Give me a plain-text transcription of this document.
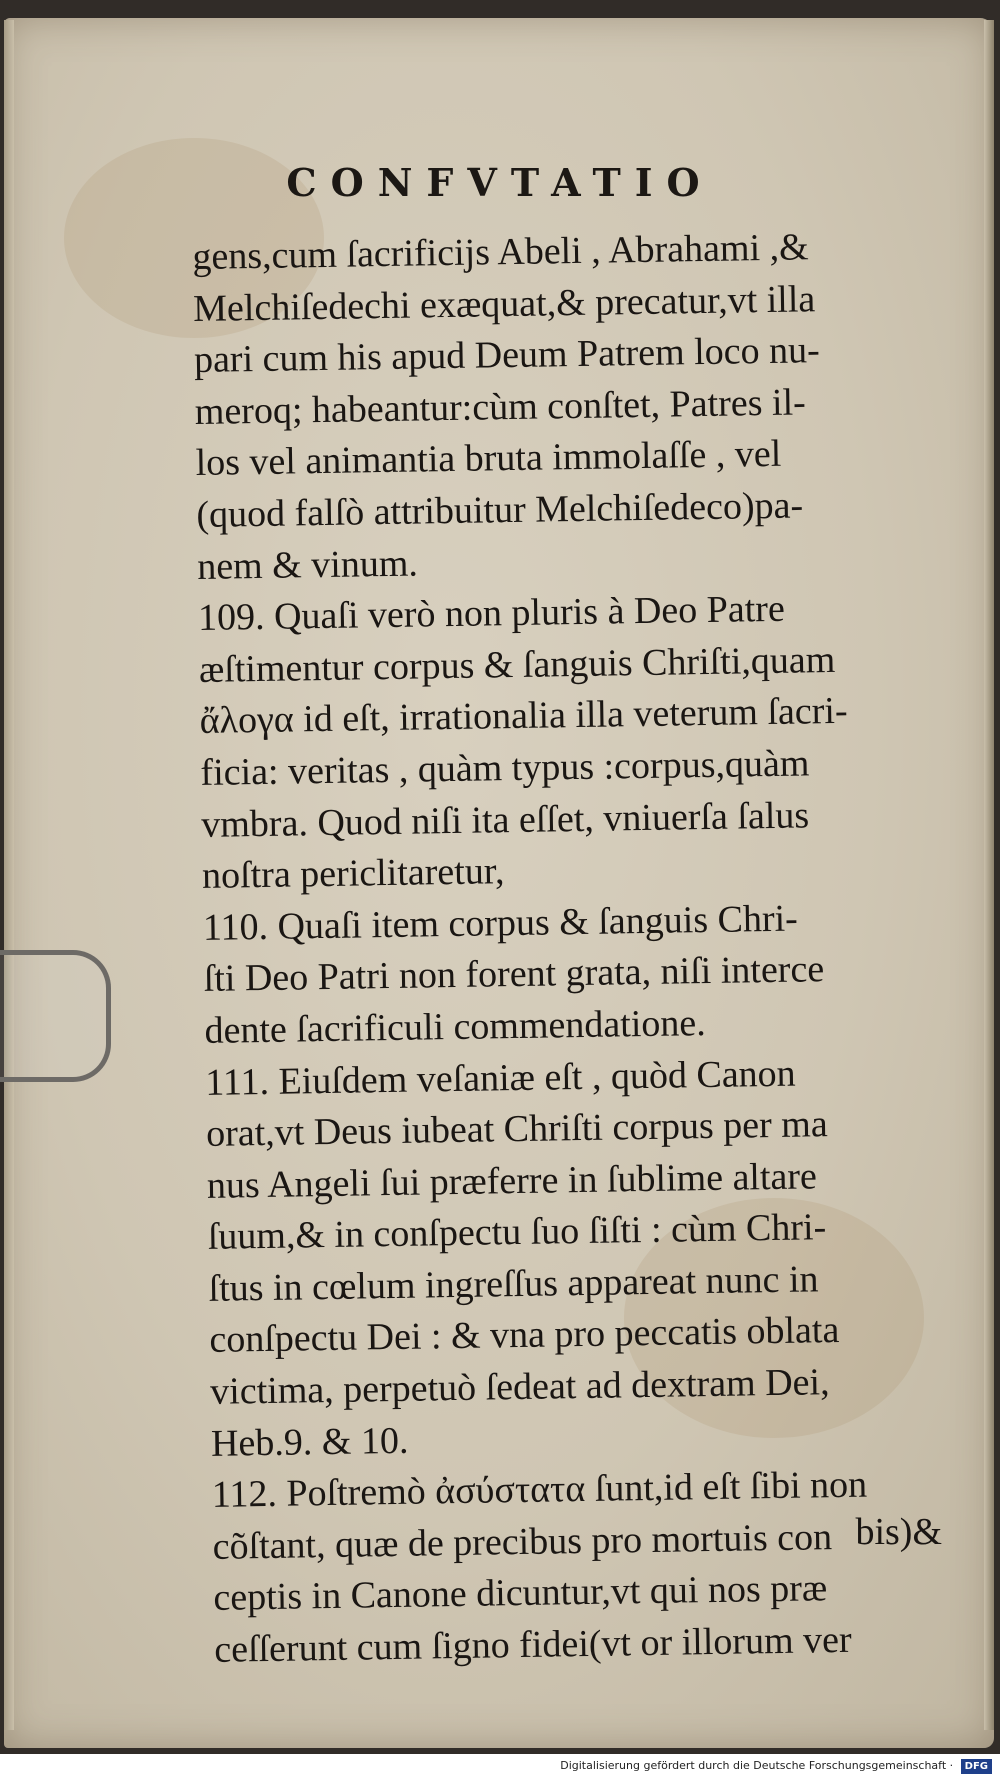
CONFVTATIO
gens,cum ſacrificijs Abeli , Abrahami ,&
Melchiſedechi exæquat,& precatur,vt illa
pari cum his apud Deum Patrem loco nu-
meroq; habeantur:cùm conſtet, Patres il-
los vel animantia bruta immolaſſe , vel
(quod falſò attribuitur Melchiſedeco)pa-
nem & vinum.
109. Quaſi verò non pluris à Deo Patre
æſtimentur corpus & ſanguis Chriſti,quam
ἄλογα id eſt, irrationalia illa veterum ſacri-
ficia: veritas , quàm typus :corpus,quàm
vmbra. Quod niſi ita eſſet, vniuerſa ſalus
noſtra periclitaretur,
110. Quaſi item corpus & ſanguis Chri-
ſti Deo Patri non forent grata, niſi interce
dente ſacrificuli commendatione.
111. Eiuſdem veſaniæ eſt , quòd Canon
orat,vt Deus iubeat Chriſti corpus per ma
nus Angeli ſui præferre in ſublime altare
ſuum,& in conſpectu ſuo ſiſti : cùm Chri-
ſtus in cœlum ingreſſus appareat nunc in
conſpectu Dei : & vna pro peccatis oblata
victima, perpetuò ſedeat ad dextram Dei,
Heb.9. & 10.
112. Poſtremò ἀσύστατα ſunt,id eſt ſibi non
cõſtant, quæ de precibus pro mortuis con
ceptis in Canone dicuntur,vt qui nos præ
ceſſerunt cum ſigno fidei(vt or illorum ver
bis)&
Digitalisierung gefördert durch die Deutsche Forschungsgemeinschaft · DFG
